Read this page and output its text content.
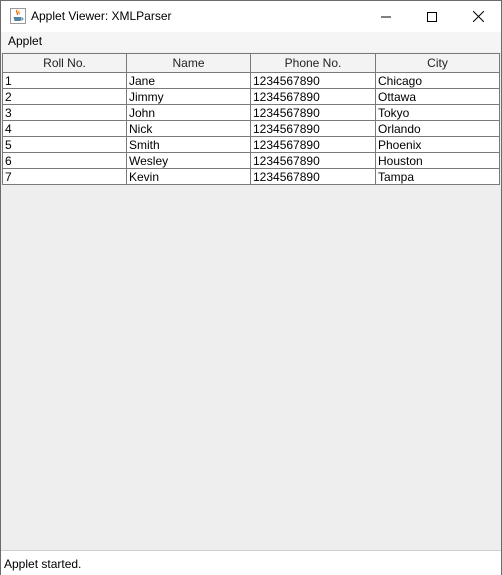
Applet Viewer: XMLParser
Applet
Roll No.	Name	Phone No.	City
1	Jane	1234567890	Chicago
2	Jimmy	1234567890	Ottawa
3	John	1234567890	Tokyo
4	Nick	1234567890	Orlando
5	Smith	1234567890	Phoenix
6	Wesley	1234567890	Houston
7	Kevin	1234567890	Tampa
Applet started.
